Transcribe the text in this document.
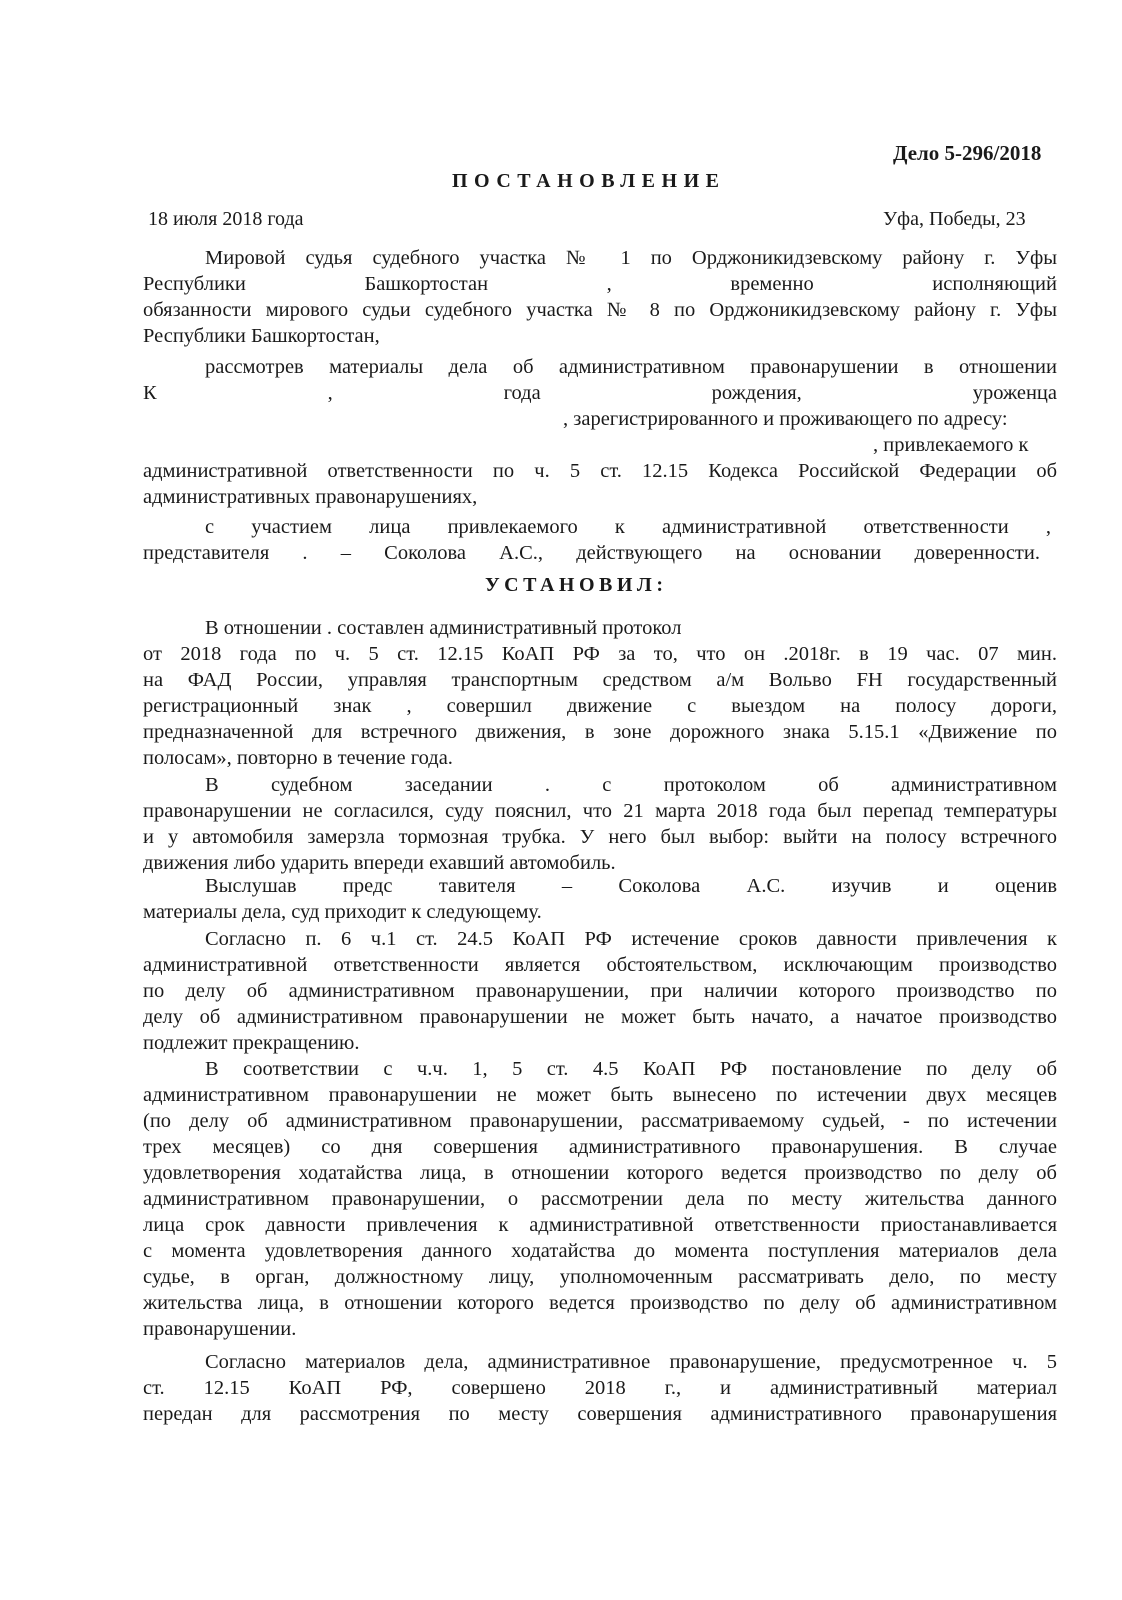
Дело 5-296/2018
ПОСТАНОВЛЕНИЕ
18 июля 2018 года	Уфа, Победы, 23
Мировой судья судебного участка № 1 по Орджоникидзевскому району г. Уфы
Республики Башкортостан , временно исполняющий
обязанности мирового судьи судебного участка № 8 по Орджоникидзевскому району г. Уфы
Республики Башкортостан,
рассмотрев материалы дела об административном правонарушении в отношении
К , года рождения, уроженца
, зарегистрированного и проживающего по адресу:
, привлекаемого к
административной ответственности по ч. 5 ст. 12.15 Кодекса Российской Федерации об
административных правонарушениях,
с участием лица привлекаемого к административной ответственности ,
представителя . – Соколова А.С., действующего на основании доверенности.
УСТАНОВИЛ:
В отношении . составлен административный протокол
от 2018 года по ч. 5 ст. 12.15 КоАП РФ за то, что он .2018г. в 19 час. 07 мин.
на ФАД России, управляя транспортным средством а/м Вольво FH государственный
регистрационный знак , совершил движение с выездом на полосу дороги,
предназначенной для встречного движения, в зоне дорожного знака 5.15.1 «Движение по
полосам», повторно в течение года.
В судебном заседании . с протоколом об административном
правонарушении не согласился, суду пояснил, что 21 марта 2018 года был перепад температуры
и у автомобиля замерзла тормозная трубка. У него был выбор: выйти на полосу встречного
движения либо ударить впереди ехавший автомобиль.
Выслушав предс тавителя – Соколова А.С. изучив и оценив
материалы дела, суд приходит к следующему.
Согласно п. 6 ч.1 ст. 24.5 КоАП РФ истечение сроков давности привлечения к
административной ответственности является обстоятельством, исключающим производство
по делу об административном правонарушении, при наличии которого производство по
делу об административном правонарушении не может быть начато, а начатое производство
подлежит прекращению.
В соответствии с ч.ч. 1, 5 ст. 4.5 КоАП РФ постановление по делу об
административном правонарушении не может быть вынесено по истечении двух месяцев
(по делу об административном правонарушении, рассматриваемому судьей, - по истечении
трех месяцев) со дня совершения административного правонарушения. В случае
удовлетворения ходатайства лица, в отношении которого ведется производство по делу об
административном правонарушении, о рассмотрении дела по месту жительства данного
лица срок давности привлечения к административной ответственности приостанавливается
с момента удовлетворения данного ходатайства до момента поступления материалов дела
судье, в орган, должностному лицу, уполномоченным рассматривать дело, по месту
жительства лица, в отношении которого ведется производство по делу об административном
правонарушении.
Согласно материалов дела, административное правонарушение, предусмотренное ч. 5
ст. 12.15 КоАП РФ, совершено 2018 г., и административный материал
передан для рассмотрения по месту совершения административного правонарушения
